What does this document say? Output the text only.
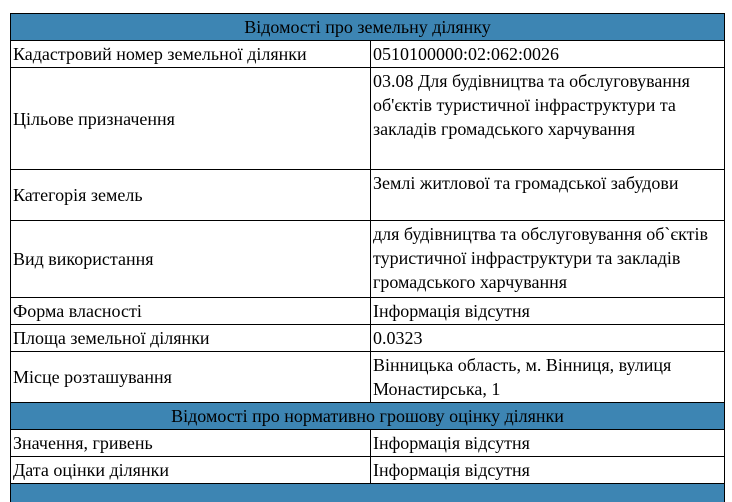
Відомості про земельну ділянку	
Кадастровий номер земельної ділянки	0510100000:02:062:0026
Цільове призначення	03.08 Для будівництва та обслуговування об'єктів туристичної інфраструктури та закладів громадського харчування
Категорія земель	Землі житлової та громадської забудови
Вид використання	для будівництва та обслуговування об`єктів туристичної інфраструктури та закладів громадського харчування
Форма власності	Інформація відсутня
Площа земельної ділянки	0.0323
Місце розташування	Вінницька область, м. Вінниця, вулиця Монастирська, 1
Відомості про нормативно грошову оцінку ділянки	
Значення, гривень	Інформація відсутня
Дата оцінки ділянки	Інформація відсутня
